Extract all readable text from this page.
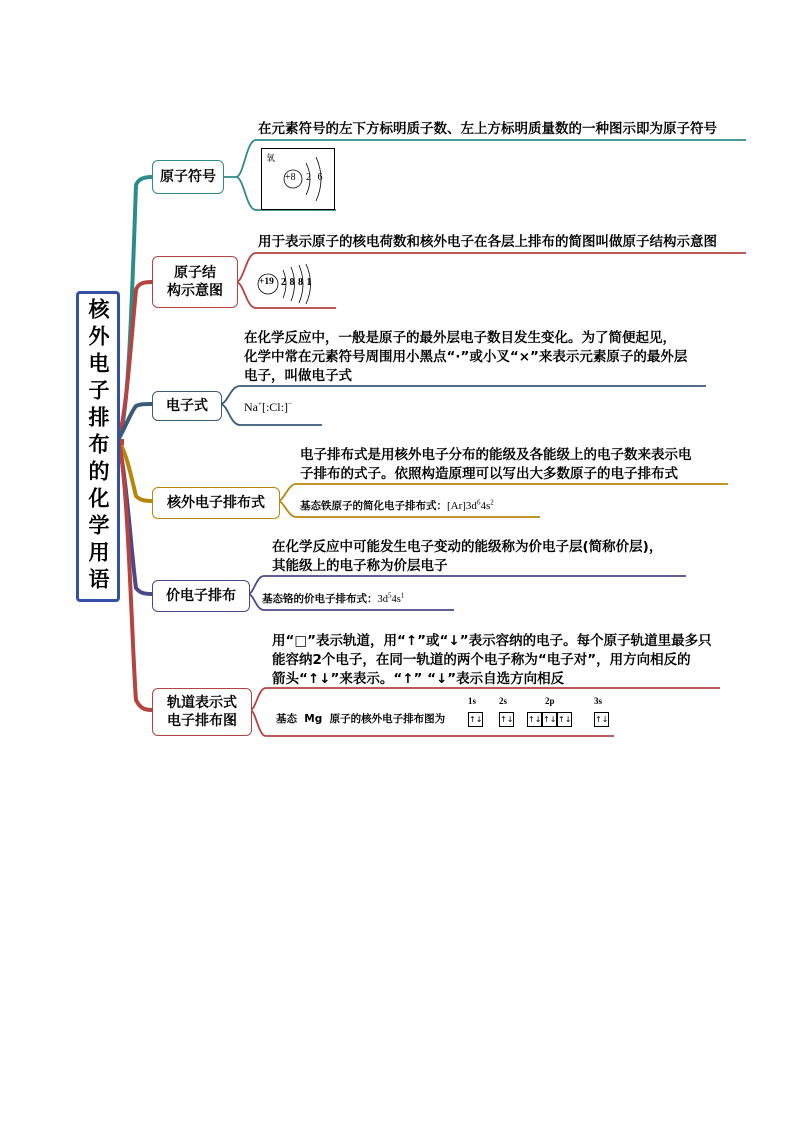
核外电子排布的化学用语
原子符号
在元素符号的左下方标明质子数、左上方标明质量数的一种图示即为原子符号
氧
+8 2 6
原子结
构示意图
用于表示原子的核电荷数和核外电子在各层上排布的简图叫做原子结构示意图
+19 2 8 8 1
电子式
在化学反应中，一般是原子的最外层电子数目发生变化。为了简便起见，
化学中常在元素符号周围用小黑点“·”或小叉“×”来表示元素原子的最外层
电子，叫做电子式
Na+[:Cl:]−
核外电子排布式
电子排布式是用核外电子分布的能级及各能级上的电子数来表示电
子排布的式子。依照构造原理可以写出大多数原子的电子排布式
基态铁原子的简化电子排布式：$[Ar]3d^64s^2$
价电子排布
在化学反应中可能发生电子变动的能级称为价电子层(简称价层)，
其能级上的电子称为价层电子
基态铬的价电子排布式：$3d^54s^1$
轨道表示式
电子排布图
用“□”表示轨道，用“↑”或“↓”表示容纳的电子。每个原子轨道里最多只
能容纳2个电子，在同一轨道的两个电子称为“电子对”，用方向相反的
箭头“↑↓”来表示。“↑” “↓”表示自选方向相反
基态  Mg  原子的核外电子排布图为
1s	2s	2p	3s
↑↓ ↑↓ ↑↓ ↑↓ ↑↓	↑↓
